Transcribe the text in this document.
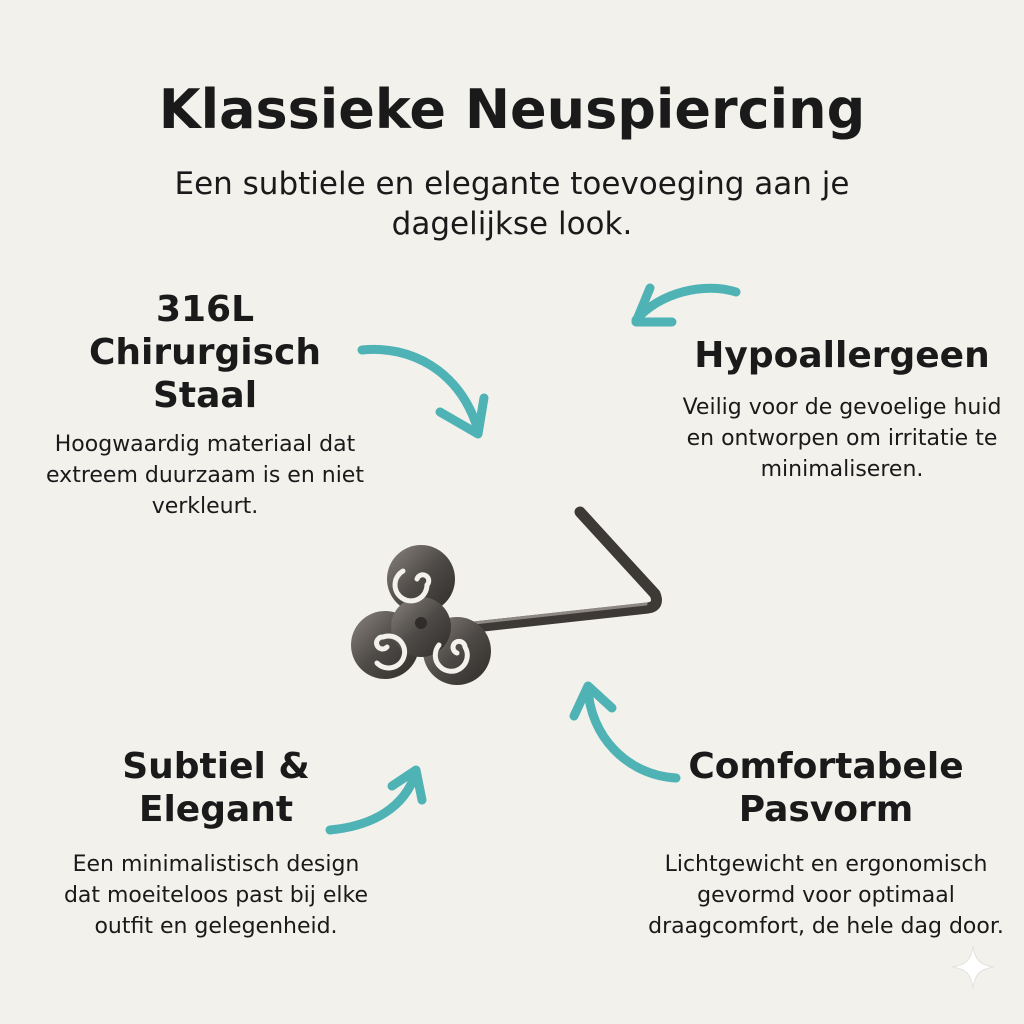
Klassieke Neuspiercing
Een subtiele en elegante toevoeging aan je dagelijkse look.
316L
Chirurgisch
Staal

Hoogwaardig materiaal dat extreem duurzaam is en niet verkleurt.

Hypoallergeen

Veilig voor de gevoelige huid en ontworpen om irritatie te minimaliseren.

Subtiel &
Elegant

Een minimalistisch design dat moeiteloos past bij elke outfit en gelegenheid.

Comfortabele
Pasvorm

Lichtgewicht en ergonomisch gevormd voor optimaal draagcomfort, de hele dag door.
